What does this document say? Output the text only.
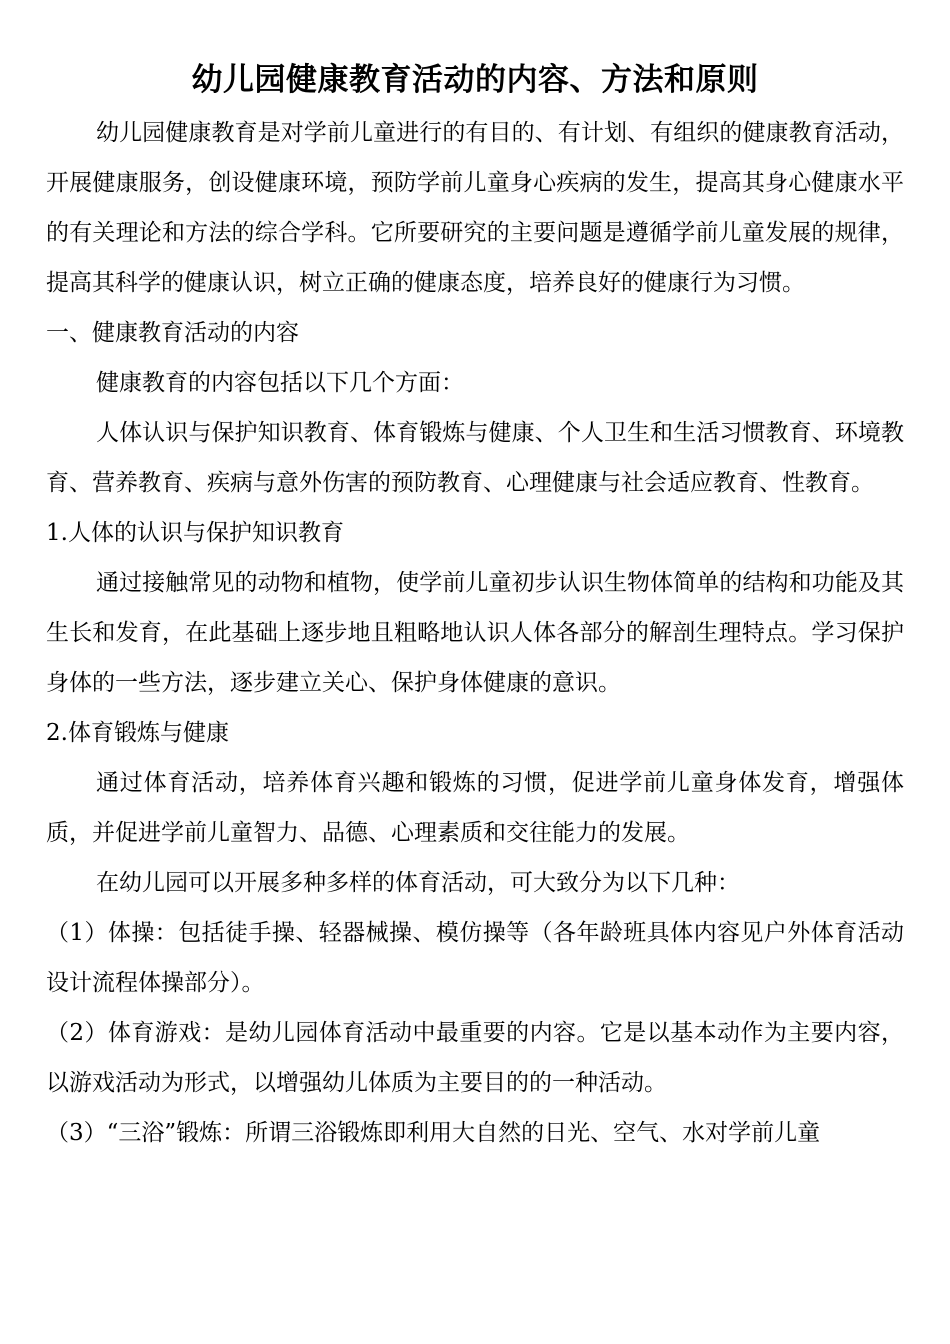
幼儿园健康教育活动的内容、方法和原则

幼儿园健康教育是对学前儿童进行的有目的、有计划、有组织的健康教育活动，开展健康服务，创设健康环境，预防学前儿童身心疾病的发生，提高其身心健康水平的有关理论和方法的综合学科。它所要研究的主要问题是遵循学前儿童发展的规律，提高其科学的健康认识，树立正确的健康态度，培养良好的健康行为习惯。

一、健康教育活动的内容

健康教育的内容包括以下几个方面：

人体认识与保护知识教育、体育锻炼与健康、个人卫生和生活习惯教育、环境教育、营养教育、疾病与意外伤害的预防教育、心理健康与社会适应教育、性教育。

1.人体的认识与保护知识教育

通过接触常见的动物和植物，使学前儿童初步认识生物体简单的结构和功能及其生长和发育，在此基础上逐步地且粗略地认识人体各部分的解剖生理特点。学习保护身体的一些方法，逐步建立关心、保护身体健康的意识。

2.体育锻炼与健康

通过体育活动，培养体育兴趣和锻炼的习惯，促进学前儿童身体发育，增强体质，并促进学前儿童智力、品德、心理素质和交往能力的发展。

在幼儿园可以开展多种多样的体育活动，可大致分为以下几种：

（1）体操：包括徒手操、轻器械操、模仿操等（各年龄班具体内容见户外体育活动设计流程体操部分）。

（2）体育游戏：是幼儿园体育活动中最重要的内容。它是以基本动作为主要内容，以游戏活动为形式，以增强幼儿体质为主要目的的一种活动。

（3）“三浴”锻炼：所谓三浴锻炼即利用大自然的日光、空气、水对学前儿童
